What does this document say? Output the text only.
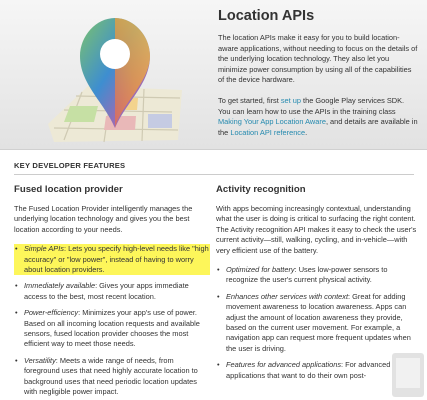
Location APIs

The location APIs make it easy for you to build location-aware applications, without needing to focus on the details of the underlying location technology. They also let you minimize power consumption by using all of the capabilities of the device hardware.

To get started, first set up the Google Play services SDK. You can learn how to use the APIs in the training class Making Your App Location Aware, and details are available in the Location API reference.

KEY DEVELOPER FEATURES
Fused location provider

The Fused Location Provider intelligently manages the underlying location technology and gives you the best location according to your needs.

• Simple APIs: Lets you specify high-level needs like "high accuracy" or "low power", instead of having to worry about location providers.
• Immediately available: Gives your apps immediate access to the best, most recent location.
• Power-efficiency: Minimizes your app's use of power. Based on all incoming location requests and available sensors, fused location provider chooses the most efficient way to meet those needs.
• Versatility: Meets a wide range of needs, from foreground uses that need highly accurate location to background uses that need periodic location updates with negligible power impact.
Activity recognition

With apps becoming increasingly contextual, understanding what the user is doing is critical to surfacing the right content. The Activity recognition API makes it easy to check the user's current activity—still, walking, cycling, and in-vehicle—with very efficient use of the battery.

• Optimized for battery: Uses low-power sensors to recognize the user's current physical activity.
• Enhances other services with context: Great for adding movement awareness to location awareness. Apps can adjust the amount of location awareness they provide, based on the current user movement. For example, a navigation app can request more frequent updates when the user is driving.
• Features for advanced applications: For advanced applications that want to do their own post-
